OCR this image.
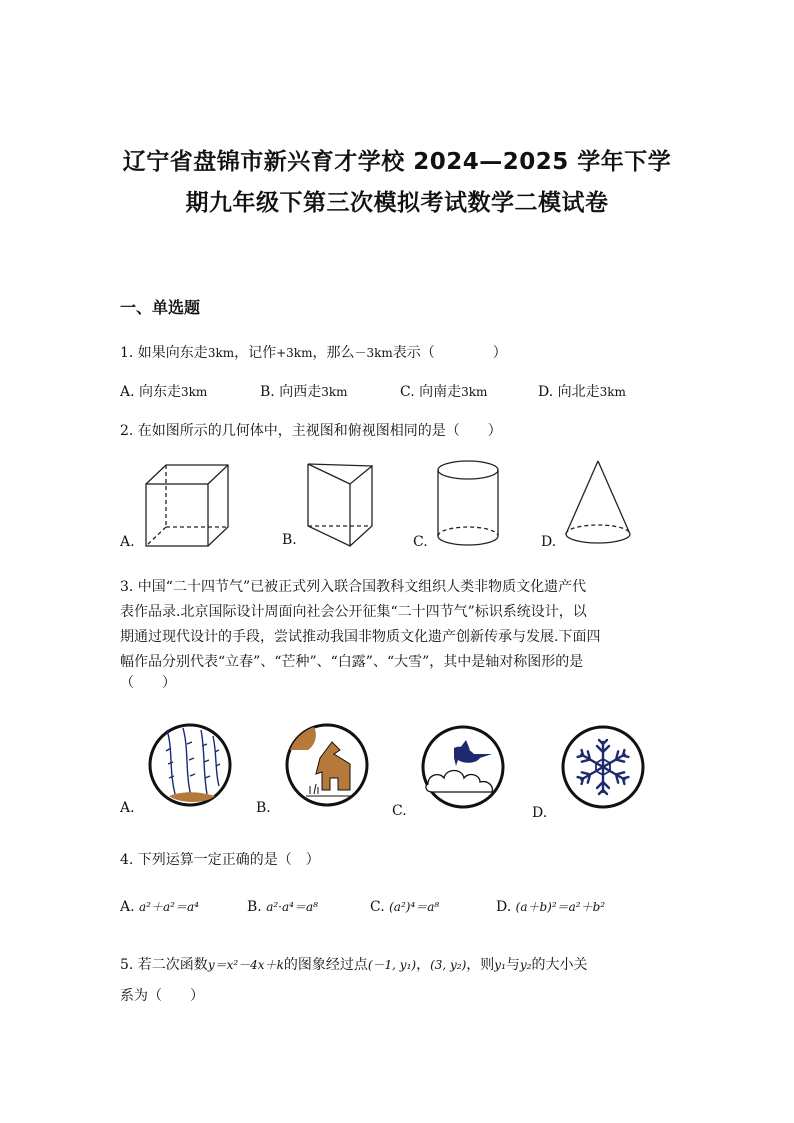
辽宁省盘锦市新兴育才学校 2024—2025 学年下学
期九年级下第三次模拟考试数学二模试卷
一、单选题
1. 如果向东走3km，记作+3km，那么－3km表示（	）
A. 向东走3km	B. 向西走3km	C. 向南走3km	D. 向北走3km
2. 在如图所示的几何体中，主视图和俯视图相同的是（　　）
A.	B.	C.	D.
3. 中国“二十四节气”已被正式列入联合国教科文组织人类非物质文化遗产代
表作品录.北京国际设计周面向社会公开征集“二十四节气”标识系统设计，以
期通过现代设计的手段，尝试推动我国非物质文化遗产创新传承与发展.下面四
幅作品分别代表“立春”、“芒种”、“白露”、“大雪”，其中是轴对称图形的是
（　　）
A.	B.	C.	D.
4. 下列运算一定正确的是（　）
A. a²＋a²＝a⁴	B. a²·a⁴＝a⁸	C. (a²)⁴＝a⁸	D. (a＋b)²＝a²＋b²
5. 若二次函数y＝x²－4x＋k的图象经过点(－1, y₁)，(3, y₂)，则y₁与y₂的大小关
系为（　　）
